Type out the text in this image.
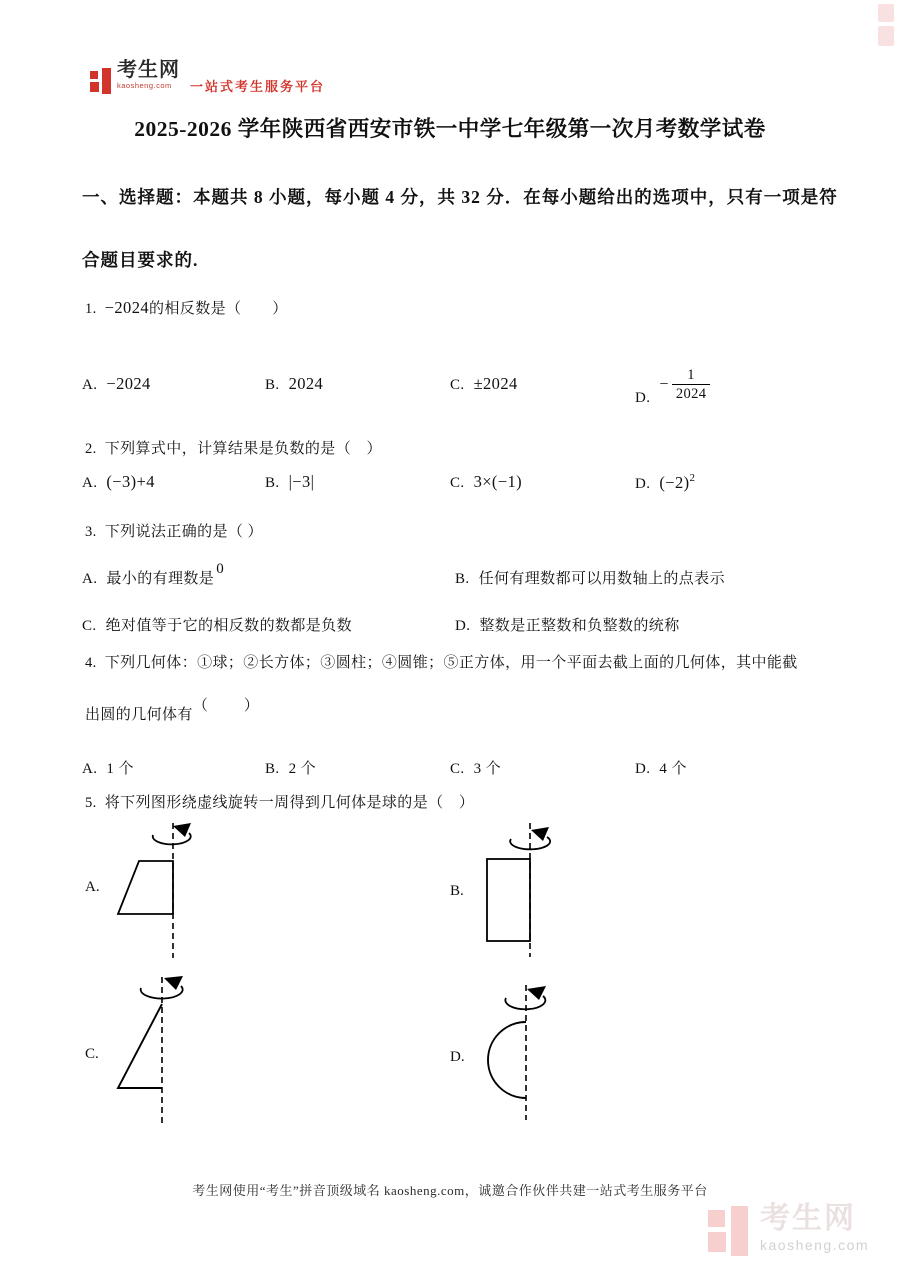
考生网
kaosheng.com	一站式考生服务平台
2025-2026 学年陕西省西安市铁一中学七年级第一次月考数学试卷
一、选择题：本题共 8 小题，每小题 4 分，共 32 分．在每小题给出的选项中，只有一项是符
合题目要求的.
1. −2024的相反数是（　　）
A. −2024	B. 2024	C. ±2024
D.
− $\frac{1}{2024}$
2. 下列算式中，计算结果是负数的是（　）
A. (−3)+4	B. |−3|	C. 3×(−1)	D. $(-2)^2$
3. 下列说法正确的是（ ）
A. 最小的有理数是0
B. 任何有理数都可以用数轴上的点表示
C. 绝对值等于它的相反数的数都是负数	D. 整数是正整数和负整数的统称
4. 下列几何体：①球；②长方体；③圆柱；④圆锥；⑤正方体，用一个平面去截上面的几何体，其中能截
出圆的几何体有（　　）
A. 1 个	B. 2 个	C. 3 个	D. 4 个
5. 将下列图形绕虚线旋转一周得到几何体是球的是（　）
A.	B.
C.	D.
考生网使用“考生”拼音顶级域名 kaosheng.com，诚邀合作伙伴共建一站式考生服务平台
考生网
kaosheng.com
